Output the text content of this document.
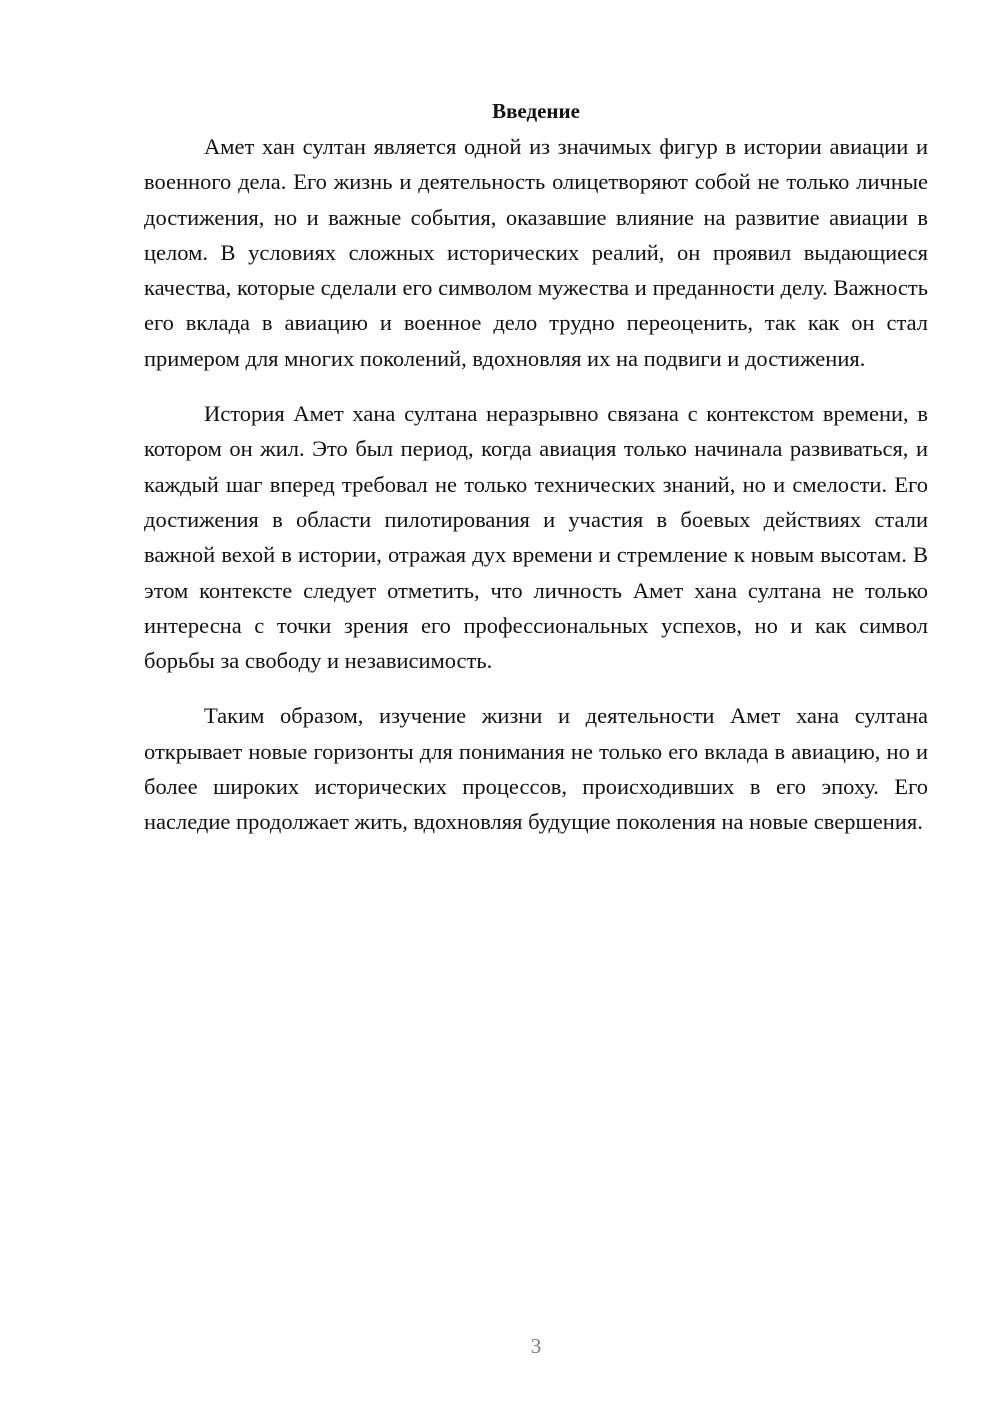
Введение

Амет хан султан является одной из значимых фигур в истории авиации и военного дела. Его жизнь и деятельность олицетворяют собой не только личные достижения, но и важные события, оказавшие влияние на развитие авиации в целом. В условиях сложных исторических реалий, он проявил выдающиеся качества, которые сделали его символом мужества и преданности делу. Важность его вклада в авиацию и военное дело трудно переоценить, так как он стал примером для многих поколений, вдохновляя их на подвиги и достижения.

История Амет хана султана неразрывно связана с контекстом времени, в котором он жил. Это был период, когда авиация только начинала развиваться, и каждый шаг вперед требовал не только технических знаний, но и смелости. Его достижения в области пилотирования и участия в боевых действиях стали важной вехой в истории, отражая дух времени и стремление к новым высотам. В этом контексте следует отметить, что личность Амет хана султана не только интересна с точки зрения его профессиональных успехов, но и как символ борьбы за свободу и независимость.

Таким образом, изучение жизни и деятельности Амет хана султана открывает новые горизонты для понимания не только его вклада в авиацию, но и более широких исторических процессов, происходивших в его эпоху. Его наследие продолжает жить, вдохновляя будущие поколения на новые свершения.

3
